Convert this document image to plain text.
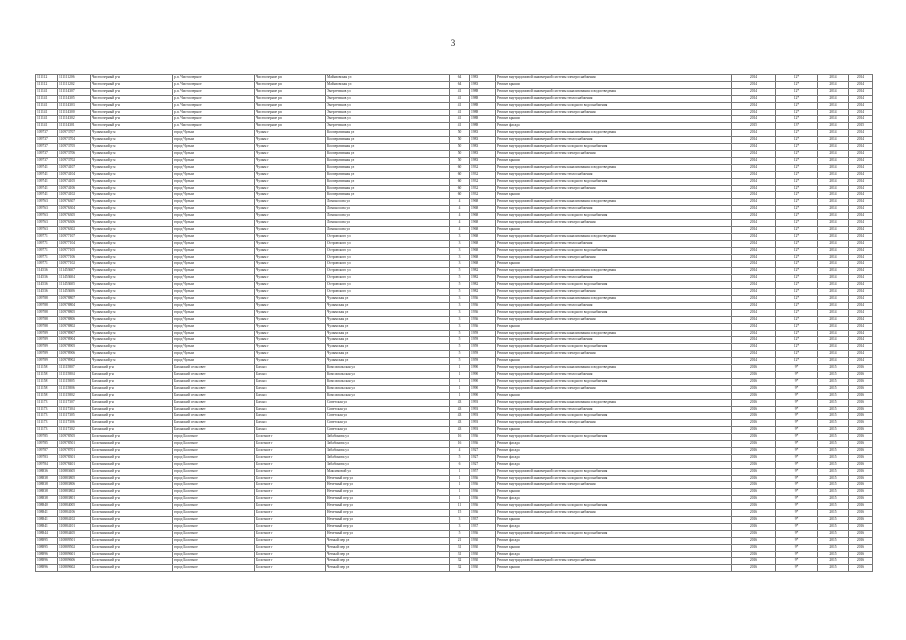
3
111112	111111206	Чистоозерный р-н	р.п. Чистоозерное	Чистоозерное рп	Майнзовская ул	64	1983	Ремонт внутридомовой инженерной системы электроснабжения	2014	12*	2014	2014
111112	111111202	Чистоозерный р-н	р.п. Чистоозерное	Чистоозерное рп	Майнзовская ул	64	1983	Ремонт крыши	2014	12*	2014	2014
111141	111114307	Чистоозерный р-н	р.п. Чистоозерное	Чистоозерное рп	Энергетиков ул	41	1988	Ремонт внутридомовой инженерной системы канализования и водоотведения	2014	12*	2014	2014
111141	111114305	Чистоозерный р-н	р.п. Чистоозерное	Чистоозерное рп	Энергетиков ул	41	1988	Ремонт внутридомовой инженерной системы теплоснабжения	2014	12*	2014	2014
111141	111114303	Чистоозерный р-н	р.п. Чистоозерное	Чистоозерное рп	Энергетиков ул	41	1988	Ремонт внутридомовой инженерной системы холодного водоснабжения	2014	12*	2014	2014
111141	111114300	Чистоозерный р-н	р.п. Чистоозерное	Чистоозерное рп	Энергетиков ул	41	1988	Ремонт внутридомовой инженерной системы электроснабжения	2014	12*	2014	2014
111141	111114302	Чистоозерный р-н	р.п. Чистоозерное	Чистоозерное рп	Энергетиков ул	41	1988	Ремонт крыши	2014	12*	2014	2014
111141	111114301	Чистоозерный р-н	р.п. Чистоозерное	Чистоозерное рп	Энергетиков ул	41	1988	Ремонт фасада	2015	13*	2014	2015
109737	110973707	Чулымский р-н	город Чулым	Чулым г	Кооперативная ул	50	1983	Ремонт внутридомовой инженерной системы канализования и водоотведения	2014	12*	2014	2014
109737	110973704	Чулымский р-н	город Чулым	Чулым г	Кооперативная ул	50	1983	Ремонт внутридомовой инженерной системы теплоснабжения	2014	12*	2014	2014
109737	110973705	Чулымский р-н	город Чулым	Чулым г	Кооперативная ул	50	1983	Ремонт внутридомовой инженерной системы холодного водоснабжения	2014	12*	2014	2014
109737	110973706	Чулымский р-н	город Чулым	Чулым г	Кооперативная ул	50	1983	Ремонт внутридомовой инженерной системы электроснабжения	2014	12*	2014	2014
109737	110973702	Чулымский р-н	город Чулым	Чулым г	Кооперативная ул	50	1983	Ремонт крыши	2014	12*	2014	2014
109741	110974107	Чулымский р-н	город Чулым	Чулым г	Кооперативная ул	60	1932	Ремонт внутридомовой инженерной системы канализования и водоотведения	2014	12*	2014	2014
109741	110974104	Чулымский р-н	город Чулым	Чулым г	Кооперативная ул	60	1932	Ремонт внутридомовой инженерной системы теплоснабжения	2014	12*	2014	2014
109741	110974105	Чулымский р-н	город Чулым	Чулым г	Кооперативная ул	60	1932	Ремонт внутридомовой инженерной системы холодного водоснабжения	2014	12*	2014	2014
109741	110974106	Чулымский р-н	город Чулым	Чулым г	Кооперативная ул	60	1932	Ремонт внутридомовой инженерной системы электроснабжения	2014	12*	2014	2014
109741	110974102	Чулымский р-н	город Чулым	Чулым г	Кооперативная ул	60	1932	Ремонт крыши	2014	12*	2014	2014
109763	110976307	Чулымский р-н	город Чулым	Чулым г	Ломоносова ул	4	1968	Ремонт внутридомовой инженерной системы канализования и водоотведения	2014	12*	2014	2014
109763	110976304	Чулымский р-н	город Чулым	Чулым г	Ломоносова ул	4	1968	Ремонт внутридомовой инженерной системы теплоснабжения	2014	12*	2014	2014
109763	110976305	Чулымский р-н	город Чулым	Чулым г	Ломоносова ул	4	1968	Ремонт внутридомовой инженерной системы холодного водоснабжения	2014	12*	2014	2014
109763	110976306	Чулымский р-н	город Чулым	Чулым г	Ломоносова ул	4	1968	Ремонт внутридомовой инженерной системы электроснабжения	2014	12*	2014	2014
109763	110976302	Чулымский р-н	город Чулым	Чулым г	Ломоносова ул	4	1968	Ремонт крыши	2014	12*	2014	2014
109771	110977107	Чулымский р-н	город Чулым	Чулым г	Островского ул	3	1968	Ремонт внутридомовой инженерной системы канализования и водоотведения	2014	12*	2014	2014
109771	110977104	Чулымский р-н	город Чулым	Чулым г	Островского ул	3	1968	Ремонт внутридомовой инженерной системы теплоснабжения	2014	12*	2014	2014
109771	110977105	Чулымский р-н	город Чулым	Чулым г	Островского ул	3	1968	Ремонт внутридомовой инженерной системы холодного водоснабжения	2014	12*	2014	2014
109771	110977106	Чулымский р-н	город Чулым	Чулым г	Островского ул	3	1968	Ремонт внутридомовой инженерной системы электроснабжения	2014	12*	2014	2014
109771	110977102	Чулымский р-н	город Чулым	Чулым г	Островского ул	3	1968	Ремонт крыши	2014	12*	2014	2014
114536	111453607	Чулымский р-н	город Чулым	Чулым г	Островского ул	5	1982	Ремонт внутридомовой инженерной системы канализования и водоотведения	2014	12*	2014	2014
114536	111453604	Чулымский р-н	город Чулым	Чулым г	Островского ул	5	1982	Ремонт внутридомовой инженерной системы теплоснабжения	2014	12*	2014	2014
114536	111453605	Чулымский р-н	город Чулым	Чулым г	Островского ул	5	1982	Ремонт внутридомовой инженерной системы холодного водоснабжения	2014	12*	2014	2014
114536	111453606	Чулымский р-н	город Чулым	Чулым г	Островского ул	5	1982	Ремонт внутридомовой инженерной системы электроснабжения	2014	12*	2014	2014
109788	110978807	Чулымский р-н	город Чулым	Чулым г	Чулымская ул	3	1936	Ремонт внутридомовой инженерной системы канализования и водоотведения	2014	12*	2014	2014
109788	110978804	Чулымский р-н	город Чулым	Чулым г	Чулымская ул	3	1936	Ремонт внутридомовой инженерной системы теплоснабжения	2014	12*	2014	2014
109788	110978805	Чулымский р-н	город Чулым	Чулым г	Чулымская ул	3	1936	Ремонт внутридомовой инженерной системы холодного водоснабжения	2014	12*	2014	2014
109788	110978806	Чулымский р-н	город Чулым	Чулым г	Чулымская ул	3	1936	Ремонт внутридомовой инженерной системы электроснабжения	2014	12*	2014	2014
109788	110978802	Чулымский р-н	город Чулым	Чулым г	Чулымская ул	3	1936	Ремонт крыши	2014	12*	2014	2014
109789	110978907	Чулымский р-н	город Чулым	Чулым г	Чулымская ул	5	1959	Ремонт внутридомовой инженерной системы канализования и водоотведения	2014	12*	2014	2014
109789	110978904	Чулымский р-н	город Чулым	Чулым г	Чулымская ул	5	1959	Ремонт внутридомовой инженерной системы теплоснабжения	2014	12*	2014	2014
109789	110978905	Чулымский р-н	город Чулым	Чулым г	Чулымская ул	5	1959	Ремонт внутридомовой инженерной системы холодного водоснабжения	2014	12*	2014	2014
109789	110978906	Чулымский р-н	город Чулым	Чулым г	Чулымская ул	5	1959	Ремонт внутридомовой инженерной системы электроснабжения	2014	12*	2014	2014
109789	110978902	Чулымский р-н	город Чулым	Чулым г	Чулымская ул	5	1959	Ремонт крыши	2014	12*	2014	2014
111158	111115807	Баганский р-н	Баганский сельсовет	Баган с	Комсомольская ул	1	1990	Ремонт внутридомовой инженерной системы канализования и водоотведения	2016	9*	2015	2016
111158	111115804	Баганский р-н	Баганский сельсовет	Баган с	Комсомольская ул	1	1990	Ремонт внутридомовой инженерной системы теплоснабжения	2016	9*	2015	2016
111158	111115805	Баганский р-н	Баганский сельсовет	Баган с	Комсомольская ул	1	1990	Ремонт внутридомовой инженерной системы холодного водоснабжения	2016	9*	2015	2016
111158	111115806	Баганский р-н	Баганский сельсовет	Баган с	Комсомольская ул	1	1990	Ремонт внутридомовой инженерной системы электроснабжения	2016	9*	2015	2016
111158	111115802	Баганский р-н	Баганский сельсовет	Баган с	Комсомольская ул	1	1990	Ремонт крыши	2016	9*	2015	2016
111173	111117307	Баганский р-н	Баганский сельсовет	Баган с	Советская ул	43	1993	Ремонт внутридомовой инженерной системы канализования и водоотведения	2016	9*	2015	2016
111173	111117304	Баганский р-н	Баганский сельсовет	Баган с	Советская ул	43	1993	Ремонт внутридомовой инженерной системы теплоснабжения	2016	9*	2015	2016
111173	111117305	Баганский р-н	Баганский сельсовет	Баган с	Советская ул	43	1993	Ремонт внутридомовой инженерной системы холодного водоснабжения	2016	9*	2015	2016
111173	111117306	Баганский р-н	Баганский сельсовет	Баган с	Советская ул	43	1993	Ремонт внутридомовой инженерной системы электроснабжения	2016	9*	2015	2016
111173	111117302	Баганский р-н	Баганский сельсовет	Баган с	Советская ул	43	1993	Ремонт крыши	2016	9*	2015	2016
109785	110978505	Болотнинский р-н	город Болотное	Болотное г	Забабонова ул	16	1936	Ремонт внутридомовой инженерной системы холодного водоснабжения	2016	9*	2015	2016
109785	110978501	Болотнинский р-н	город Болотное	Болотное г	Забабонова ул	16	1936	Ремонт фасада	2016	9*	2015	2016
109787	110978701	Болотнинский р-н	город Болотное	Болотное г	Забабонова ул	4	1927	Ремонт фасада	2016	9*	2015	2016
109783	110978301	Болотнинский р-н	город Болотное	Болотное г	Забабонова ул	5	1927	Ремонт фасада	2016	9*	2015	2016
109784	110978401	Болотнинский р-н	город Болотное	Болотное г	Забабонова ул	6	1927	Ремонт фасада	2016	9*	2015	2016
108836	110883605	Болотнинский р-н	город Болотное	Болотное г	Максимовой ул	1	1957	Ремонт внутридомовой инженерной системы холодного водоснабжения	2016	9*	2015	2016
108838	110883805	Болотнинский р-н	город Болотное	Болотное г	Нечетный пер ул	1	1936	Ремонт внутридомовой инженерной системы холодного водоснабжения	2016	9*	2015	2016
108838	110883806	Болотнинский р-н	город Болотное	Болотное г	Нечетный пер ул	1	1936	Ремонт внутридомовой инженерной системы электроснабжения	2016	9*	2015	2016
108838	110883802	Болотнинский р-н	город Болотное	Болотное г	Нечетный пер ул	1	1936	Ремонт крыши	2016	9*	2015	2016
108838	110883801	Болотнинский р-н	город Болотное	Болотное г	Нечетный пер ул	1	1936	Ремонт фасада	2016	9*	2015	2016
108840	110884005	Болотнинский р-н	город Болотное	Болотное г	Нечетный пер ул	11	1936	Ремонт внутридомовой инженерной системы холодного водоснабжения	2016	9*	2015	2016
108841	110884106	Болотнинский р-н	город Болотное	Болотное г	Нечетный пер ул	15	1936	Ремонт внутридомовой инженерной системы электроснабжения	2016	9*	2015	2016
108841	110884102	Болотнинский р-н	город Болотное	Болотное г	Нечетный пер ул	3	1937	Ремонт крыши	2016	9*	2015	2016
108841	110884101	Болотнинский р-н	город Болотное	Болотное г	Нечетный пер ул	3	1937	Ремонт фасада	2016	9*	2015	2016
108844	110884405	Болотнинский р-н	город Болотное	Болотное г	Нечетный пер ул	5	1936	Ремонт внутридомовой инженерной системы холодного водоснабжения	2016	9*	2015	2016
108895	110889501	Болотнинский р-н	город Болотное	Болотное г	Четный пер ул	21	1930	Ремонт фасада	2016	9*	2015	2016
108895	110889502	Болотнинский р-н	город Болотное	Болотное г	Четный пер ул	31	1930	Ремонт крыши	2016	9*	2015	2016
108896	110889601	Болотнинский р-н	город Болотное	Болотное г	Четный пер ул	31	1930	Ремонт фасада	2016	9*	2015	2016
108896	110889606	Болотнинский р-н	город Болотное	Болотное г	Четный пер ул	32	1930	Ремонт внутридомовой инженерной системы электроснабжения	2016	9*	2015	2016
108896	110889602	Болотнинский р-н	город Болотное	Болотное г	Четный пер ул	32	1930	Ремонт крыши	2016	9*	2015	2016
